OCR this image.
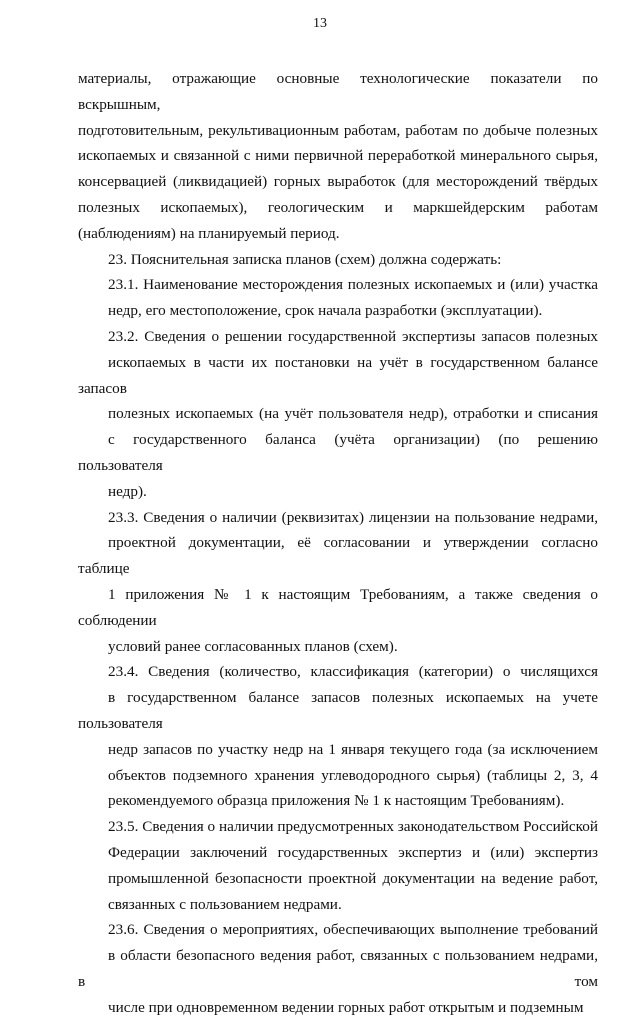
13
материалы, отражающие основные технологические показатели по вскрышным,
подготовительным, рекультивационным работам, работам по добыче полезных
ископаемых и связанной с ними первичной переработкой минерального сырья,
консервацией (ликвидацией) горных выработок (для месторождений твёрдых
полезных ископаемых), геологическим и маркшейдерским работам
(наблюдениям) на планируемый период.
23. Пояснительная записка планов (схем) должна содержать:
23.1. Наименование месторождения полезных ископаемых и (или) участка
недр, его местоположение, срок начала разработки (эксплуатации).
23.2. Сведения о решении государственной экспертизы запасов полезных
ископаемых в части их постановки на учёт в государственном балансе запасов
полезных ископаемых (на учёт пользователя недр), отработки и списания
с государственного баланса (учёта организации) (по решению пользователя
недр).
23.3. Сведения о наличии (реквизитах) лицензии на пользование недрами,
проектной документации, её согласовании и утверждении согласно таблице
1 приложения № 1 к настоящим Требованиям, а также сведения о соблюдении
условий ранее согласованных планов (схем).
23.4. Сведения (количество, классификация (категории) о числящихся
в государственном балансе запасов полезных ископаемых на учете пользователя
недр запасов по участку недр на 1 января текущего года (за исключением
объектов подземного хранения углеводородного сырья) (таблицы 2, 3, 4
рекомендуемого образца приложения № 1 к настоящим Требованиям).
23.5. Сведения о наличии предусмотренных законодательством Российской
Федерации заключений государственных экспертиз и (или) экспертиз
промышленной безопасности проектной документации на ведение работ,
связанных с пользованием недрами.
23.6. Сведения о мероприятиях, обеспечивающих выполнение требований
в области безопасного ведения работ, связанных с пользованием недрами, в том
числе при одновременном ведении горных работ открытым и подземным
